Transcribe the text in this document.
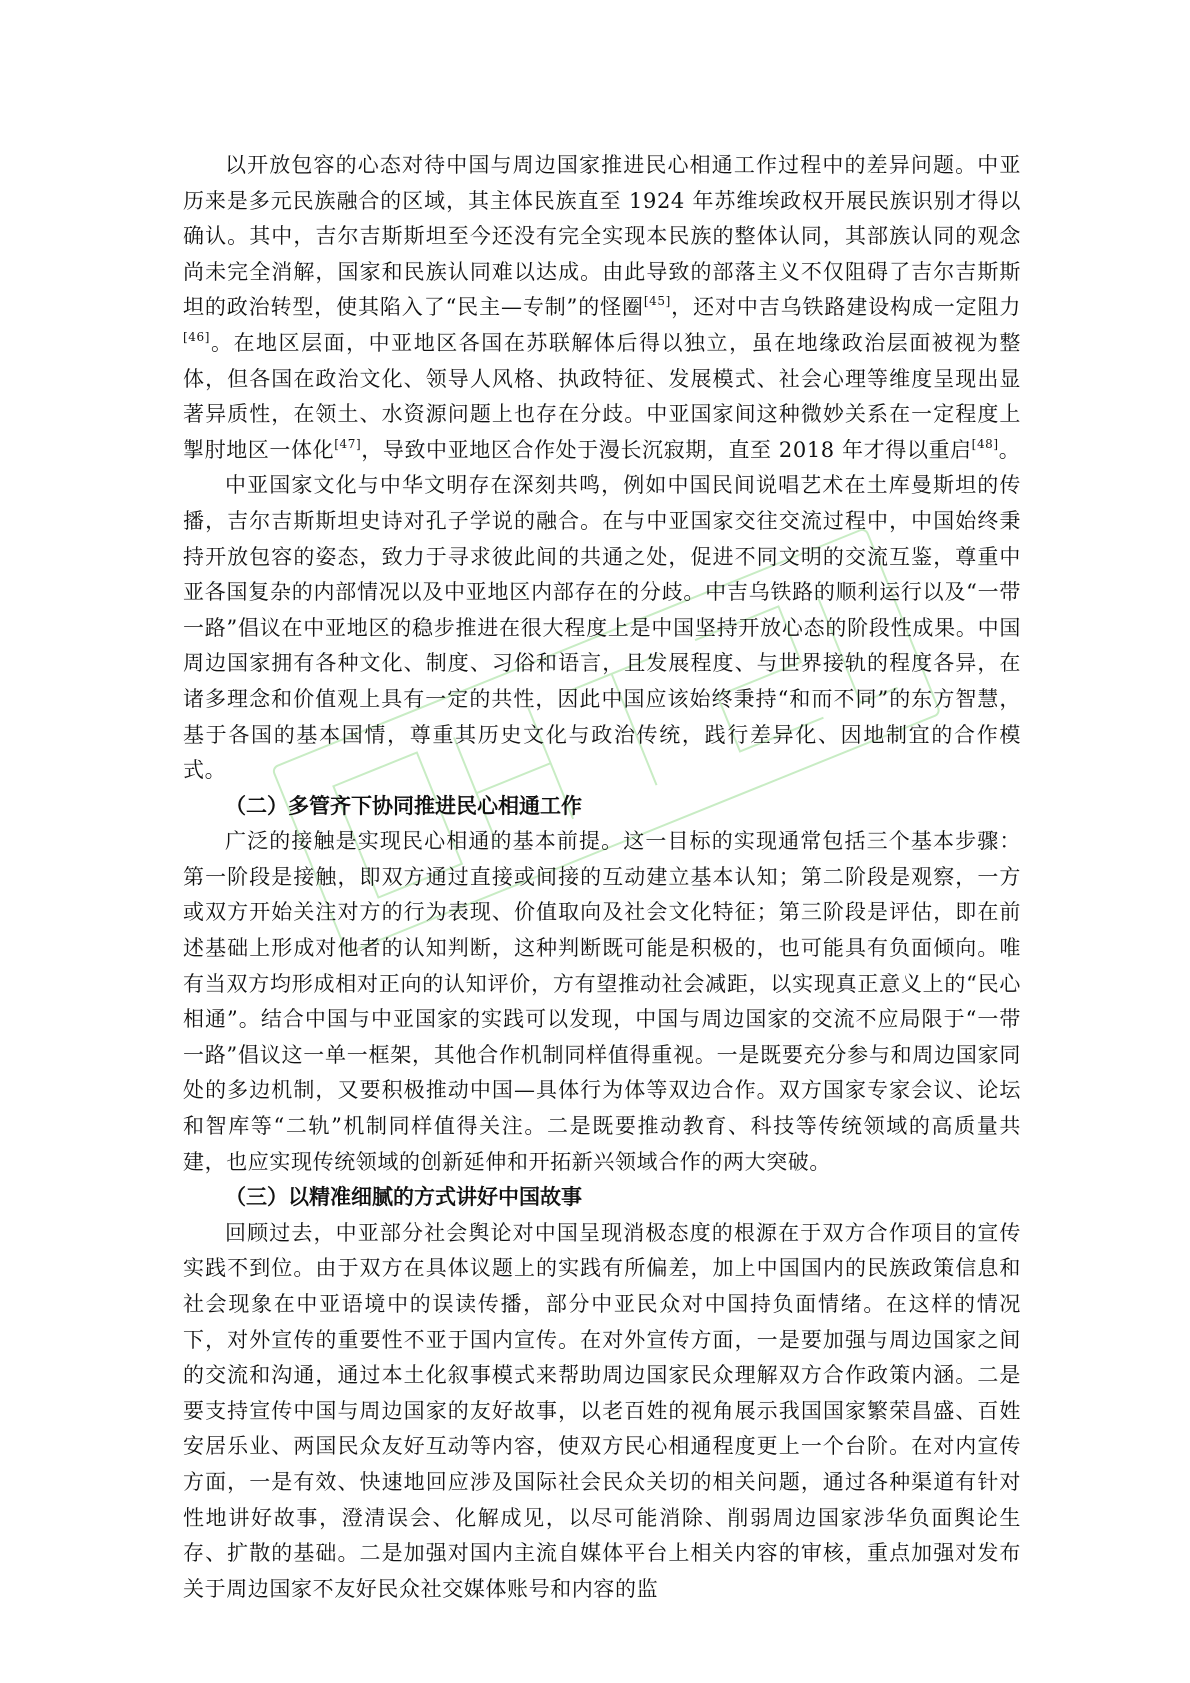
以开放包容的心态对待中国与周边国家推进民心相通工作过程中的差异问题。中亚历来是多元民族融合的区域，其主体民族直至 1924 年苏维埃政权开展民族识别才得以确认。其中，吉尔吉斯斯坦至今还没有完全实现本民族的整体认同，其部族认同的观念尚未完全消解，国家和民族认同难以达成。由此导致的部落主义不仅阻碍了吉尔吉斯斯坦的政治转型，使其陷入了“民主—专制”的怪圈[45]，还对中吉乌铁路建设构成一定阻力[46]。在地区层面，中亚地区各国在苏联解体后得以独立，虽在地缘政治层面被视为整体，但各国在政治文化、领导人风格、执政特征、发展模式、社会心理等维度呈现出显著异质性，在领土、水资源问题上也存在分歧。中亚国家间这种微妙关系在一定程度上掣肘地区一体化[47]，导致中亚地区合作处于漫长沉寂期，直至 2018 年才得以重启[48]。

中亚国家文化与中华文明存在深刻共鸣，例如中国民间说唱艺术在土库曼斯坦的传播，吉尔吉斯斯坦史诗对孔子学说的融合。在与中亚国家交往交流过程中，中国始终秉持开放包容的姿态，致力于寻求彼此间的共通之处，促进不同文明的交流互鉴，尊重中亚各国复杂的内部情况以及中亚地区内部存在的分歧。中吉乌铁路的顺利运行以及“一带一路”倡议在中亚地区的稳步推进在很大程度上是中国坚持开放心态的阶段性成果。中国周边国家拥有各种文化、制度、习俗和语言，且发展程度、与世界接轨的程度各异，在诸多理念和价值观上具有一定的共性，因此中国应该始终秉持“和而不同”的东方智慧，基于各国的基本国情，尊重其历史文化与政治传统，践行差异化、因地制宜的合作模式。

（二）多管齐下协同推进民心相通工作

广泛的接触是实现民心相通的基本前提。这一目标的实现通常包括三个基本步骤：第一阶段是接触，即双方通过直接或间接的互动建立基本认知；第二阶段是观察，一方或双方开始关注对方的行为表现、价值取向及社会文化特征；第三阶段是评估，即在前述基础上形成对他者的认知判断，这种判断既可能是积极的，也可能具有负面倾向。唯有当双方均形成相对正向的认知评价，方有望推动社会减距，以实现真正意义上的“民心相通”。结合中国与中亚国家的实践可以发现，中国与周边国家的交流不应局限于“一带一路”倡议这一单一框架，其他合作机制同样值得重视。一是既要充分参与和周边国家同处的多边机制，又要积极推动中国—具体行为体等双边合作。双方国家专家会议、论坛和智库等“二轨”机制同样值得关注。二是既要推动教育、科技等传统领域的高质量共建，也应实现传统领域的创新延伸和开拓新兴领域合作的两大突破。

（三）以精准细腻的方式讲好中国故事

回顾过去，中亚部分社会舆论对中国呈现消极态度的根源在于双方合作项目的宣传实践不到位。由于双方在具体议题上的实践有所偏差，加上中国国内的民族政策信息和社会现象在中亚语境中的误读传播，部分中亚民众对中国持负面情绪。在这样的情况下，对外宣传的重要性不亚于国内宣传。在对外宣传方面，一是要加强与周边国家之间的交流和沟通，通过本土化叙事模式来帮助周边国家民众理解双方合作政策内涵。二是要支持宣传中国与周边国家的友好故事，以老百姓的视角展示我国国家繁荣昌盛、百姓安居乐业、两国民众友好互动等内容，使双方民心相通程度更上一个台阶。在对内宣传方面，一是有效、快速地回应涉及国际社会民众关切的相关问题，通过各种渠道有针对性地讲好故事，澄清误会、化解成见，以尽可能消除、削弱周边国家涉华负面舆论生存、扩散的基础。二是加强对国内主流自媒体平台上相关内容的审核，重点加强对发布关于周边国家不友好民众社交媒体账号和内容的监
